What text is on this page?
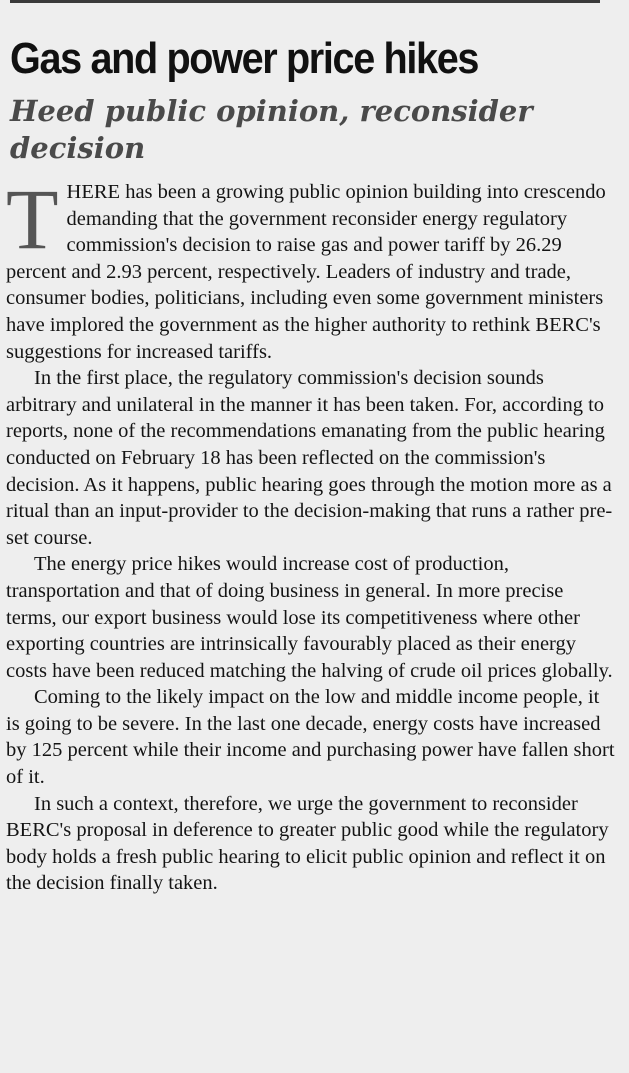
Gas and power price hikes
Heed public opinion, reconsider decision

THERE has been a growing public opinion building into crescendo demanding that the government reconsider energy regulatory commission's decision to raise gas and power tariff by 26.29 percent and 2.93 percent, respectively. Leaders of industry and trade, consumer bodies, politicians, including even some government ministers have implored the government as the higher authority to rethink BERC's suggestions for increased tariffs.

In the first place, the regulatory commission's decision sounds arbitrary and unilateral in the manner it has been taken. For, according to reports, none of the recommendations emanating from the public hearing conducted on February 18 has been reflected on the commission's decision. As it happens, public hearing goes through the motion more as a ritual than an input-provider to the decision-making that runs a rather pre-set course.

The energy price hikes would increase cost of production, transportation and that of doing business in general. In more precise terms, our export business would lose its competitiveness where other exporting countries are intrinsically favourably placed as their energy costs have been reduced matching the halving of crude oil prices globally.

Coming to the likely impact on the low and middle income people, it is going to be severe. In the last one decade, energy costs have increased by 125 percent while their income and purchasing power have fallen short of it.

In such a context, therefore, we urge the government to reconsider BERC's proposal in deference to greater public good while the regulatory body holds a fresh public hearing to elicit public opinion and reflect it on the decision finally taken.
